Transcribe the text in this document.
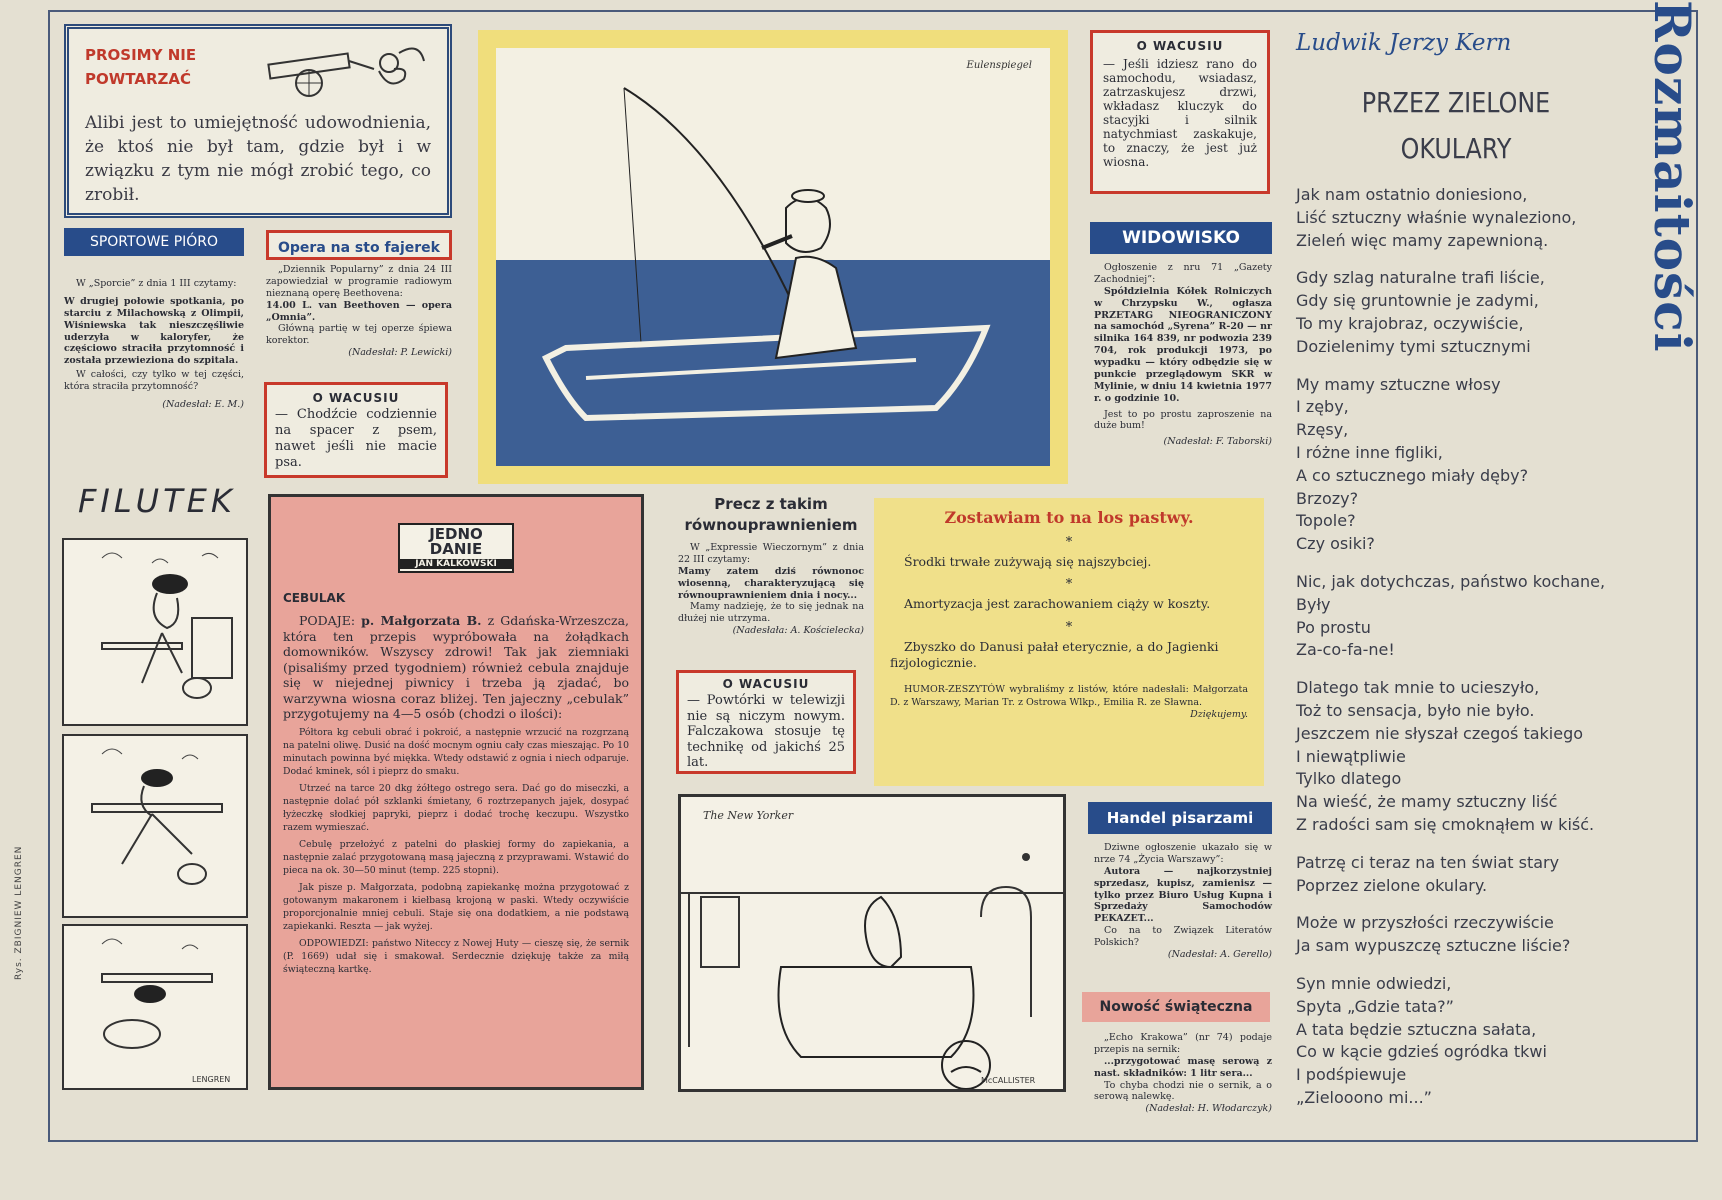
Rys. ZBIGNIEW LENGREN
PROSIMY NIE
POWTARZAĆ
Alibi jest to umiejętność udowodnienia, że ktoś nie był tam, gdzie był i w związku z tym nie mógł zrobić tego, co zrobił.
SPORTOWE PIÓRO

W „Sporcie” z dnia 1 III czytamy:

W drugiej połowie spotkania, po starciu z Milachowską z Olimpii, Wiśniewska tak nieszczęśliwie uderzyła w kaloryfer, że częściowo straciła przytomność i została przewieziona do szpitala.

W całości, czy tylko w tej części, która straciła przytomność?

(Nadesłał: E. M.)

Opera na sto fajerek

„Dziennik Popularny” z dnia 24 III zapowiedział w programie radiowym nieznaną operę Beethovena:

14.00 L. van Beethoven — opera „Omnia”.

Główną partię w tej operze śpiewa korektor.

(Nadesłał: P. Lewicki)

O WACUSIU
— Chodźcie codziennie na spacer z psem, nawet jeśli nie macie psa.
FILUTEK
LENGREN
Eulenspiegel
O WACUSIU
— Jeśli idziesz rano do samochodu, wsiadasz, zatrzaskujesz drzwi, wkładasz kluczyk do stacyjki i silnik natychmiast zaskakuje, to znaczy, że jest już wiosna.
WIDOWISKO

Ogłoszenie z nru 71 „Gazety Zachodniej”:

Spółdzielnia Kółek Rolniczych w Chrzypsku W., ogłasza PRZETARG NIEOGRANICZONY na samochód „Syrena” R-20 — nr silnika 164 839, nr podwozia 239 704, rok produkcji 1973, po wypadku — który odbędzie się w punkcie przeglądowym SKR w Mylinie, w dniu 14 kwietnia 1977 r. o godzinie 10.

Jest to po prostu zaproszenie na duże bum!

(Nadesłał: F. Taborski)

JEDNO
DANIE
JAN KALKOWSKI
CEBULAK
PODAJE: p. Małgorzata B. z Gdańska-Wrzeszcza, która ten przepis wypróbowała na żołądkach domowników. Wszyscy zdrowi! Tak jak ziemniaki (pisaliśmy przed tygodniem) również cebula znajduje się w niejednej piwnicy i trzeba ją zjadać, bo warzywna wiosna coraz bliżej. Ten jajeczny „cebulak” przygotujemy na 4—5 osób (chodzi o ilości):
Półtora kg cebuli obrać i pokroić, a następnie wrzucić na rozgrzaną na patelni oliwę. Dusić na dość mocnym ogniu cały czas mieszając. Po 10 minutach powinna być miękka. Wtedy odstawić z ognia i niech odparuje. Dodać kminek, sól i pieprz do smaku.
Utrzeć na tarce 20 dkg żółtego ostrego sera. Dać go do miseczki, a następnie dolać pół szklanki śmietany, 6 roztrzepanych jajek, dosypać łyżeczkę słodkiej papryki, pieprz i dodać trochę keczupu. Wszystko razem wymieszać.
Cebulę przełożyć z patelni do płaskiej formy do zapiekania, a następnie zalać przygotowaną masą jajeczną z przyprawami. Wstawić do pieca na ok. 30—50 minut (temp. 225 stopni).
Jak pisze p. Małgorzata, podobną zapiekankę można przygotować z gotowanym makaronem i kiełbasą krojoną w paski. Wtedy oczywiście proporcjonalnie mniej cebuli. Staje się ona dodatkiem, a nie podstawą zapiekanki. Reszta — jak wyżej.
ODPOWIEDZI: państwo Niteccy z Nowej Huty — cieszę się, że sernik (P. 1669) udał się i smakował. Serdecznie dziękuję także za miłą świąteczną kartkę.
Precz z takim
równouprawnieniem

W „Expressie Wieczornym” z dnia 22 III czytamy:

Mamy zatem dziś równonoc wiosenną, charakteryzującą się równouprawnieniem dnia i nocy...

Mamy nadzieję, że to się jednak na dłużej nie utrzyma.

(Nadesłała: A. Kościelecka)

O WACUSIU
— Powtórki w telewizji nie są niczym nowym. Falczakowa stosuje tę technikę od jakichś 25 lat.
Zostawiam to na los pastwy.
*
Środki trwałe zużywają się najszybciej.
*
Amortyzacja jest zarachowaniem ciąży w koszty.
*
Zbyszko do Danusi pałał eterycznie, a do Jagienki fizjologicznie.
HUMOR-ZESZYTÓW wybraliśmy z listów, które nadesłali: Małgorzata D. z Warszawy, Marian Tr. z Ostrowa Wlkp., Emilia R. ze Sławna.
Dziękujemy.
The New Yorker
McCALLISTER
Handel pisarzami

Dziwne ogłoszenie ukazało się w nrze 74 „Życia Warszawy”:

Autora — najkorzystniej sprzedasz, kupisz, zamienisz — tylko przez Biuro Usług Kupna i Sprzedaży Samochodów PEKAZET...

Co na to Związek Literatów Polskich?

(Nadesłał: A. Gerello)

Nowość świąteczna

„Echo Krakowa” (nr 74) podaje przepis na sernik:

...przygotować masę serową z nast. składników: 1 litr sera...

To chyba chodzi nie o sernik, a o serową nalewkę.

(Nadesłał: H. Włodarczyk)

Rozmaitości
Ludwik Jerzy Kern
PRZEZ ZIELONE
OKULARY

Jak nam ostatnio doniesiono,

Liść sztuczny właśnie wynaleziono,

Zieleń więc mamy zapewnioną.

Gdy szlag naturalne trafi liście,

Gdy się gruntownie je zadymi,

To my krajobraz, oczywiście,

Dozielenimy tymi sztucznymi

My mamy sztuczne włosy

I zęby,

Rzęsy,

I różne inne figliki,

A co sztucznego miały dęby?

Brzozy?

Topole?

Czy osiki?

Nic, jak dotychczas, państwo kochane,

Były

Po prostu

Za-co-fa-ne!

Dlatego tak mnie to ucieszyło,

Toż to sensacja, było nie było.

Jeszczem nie słyszał czegoś takiego

I niewątpliwie

Tylko dlatego

Na wieść, że mamy sztuczny liść

Z radości sam się cmoknąłem w kiść.

Patrzę ci teraz na ten świat stary

Poprzez zielone okulary.

Może w przyszłości rzeczywiście

Ja sam wypuszczę sztuczne liście?

Syn mnie odwiedzi,

Spyta „Gdzie tata?”

A tata będzie sztuczna sałata,

Co w kącie gdzieś ogródka tkwi

I podśpiewuje

„Zielooono mi...”
